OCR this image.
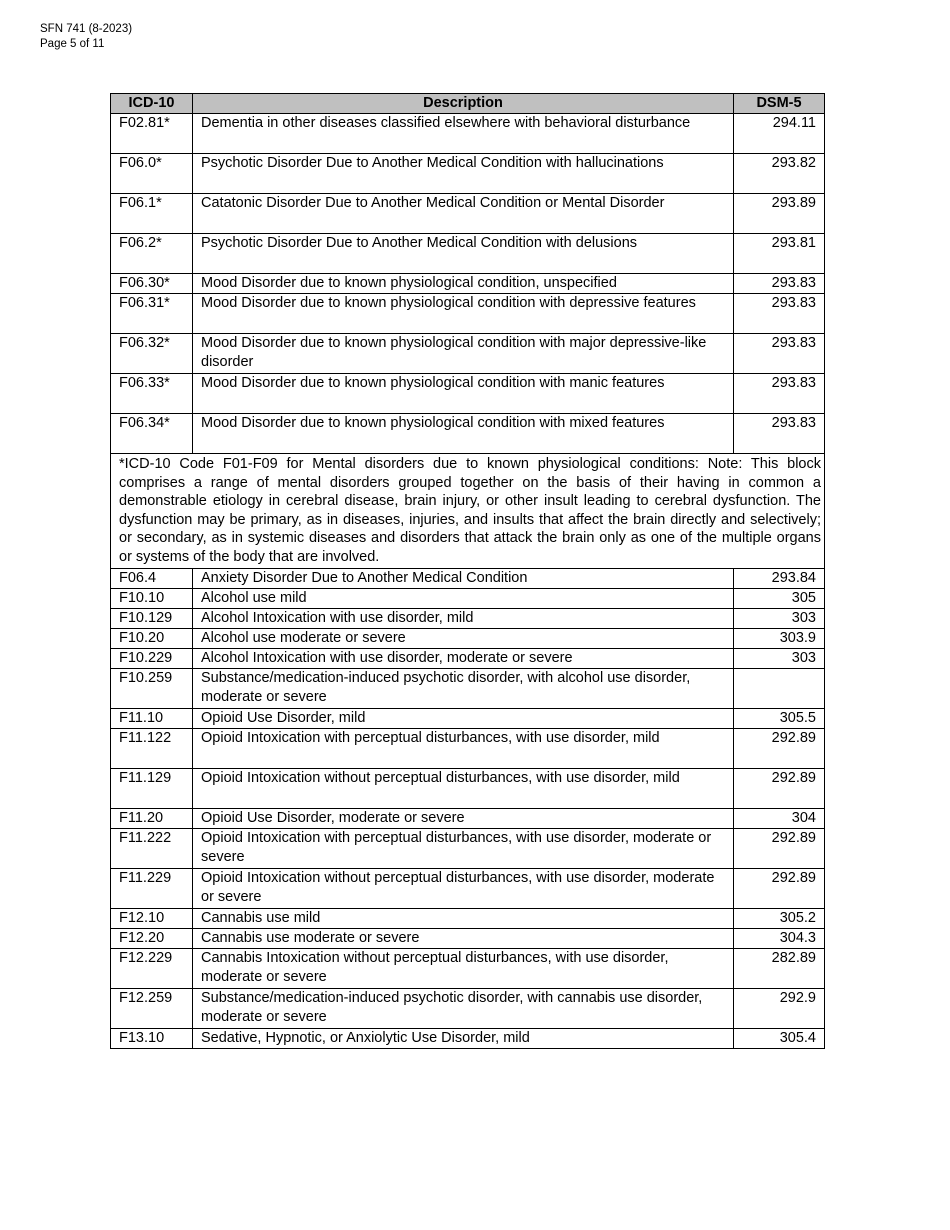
SFN 741 (8-2023)
Page 5 of 11
ICD-10	Description	DSM-5
F02.81*	Dementia in other diseases classified elsewhere with behavioral disturbance	294.11
F06.0*	Psychotic Disorder Due to Another Medical Condition with hallucinations	293.82
F06.1*	Catatonic Disorder Due to Another Medical Condition or Mental Disorder	293.89
F06.2*	Psychotic Disorder Due to Another Medical Condition with delusions	293.81
F06.30*	Mood Disorder due to known physiological condition, unspecified	293.83
F06.31*	Mood Disorder due to known physiological condition with depressive features	293.83
F06.32*	Mood Disorder due to known physiological condition with major depressive-like disorder	293.83
F06.33*	Mood Disorder due to known physiological condition with manic features	293.83
F06.34*	Mood Disorder due to known physiological condition with mixed features	293.83
*ICD-10 Code F01-F09 for Mental disorders due to known physiological conditions: Note: This block comprises a range of mental disorders grouped together on the basis of their having in common a demonstrable etiology in cerebral disease, brain injury, or other insult leading to cerebral dysfunction. The dysfunction may be primary, as in diseases, injuries, and insults that affect the brain directly and selectively; or secondary, as in systemic diseases and disorders that attack the brain only as one of the multiple organs or systems of the body that are involved.		
F06.4	Anxiety Disorder Due to Another Medical Condition	293.84
F10.10	Alcohol use mild	305
F10.129	Alcohol Intoxication with use disorder, mild	303
F10.20	Alcohol use moderate or severe	303.9
F10.229	Alcohol Intoxication with use disorder, moderate or severe	303
F10.259	Substance/medication-induced psychotic disorder, with alcohol use disorder, moderate or severe	
F11.10	Opioid Use Disorder, mild	305.5
F11.122	Opioid Intoxication with perceptual disturbances, with use disorder, mild	292.89
F11.129	Opioid Intoxication without perceptual disturbances, with use disorder, mild	292.89
F11.20	Opioid Use Disorder, moderate or severe	304
F11.222	Opioid Intoxication with perceptual disturbances, with use disorder, moderate or severe	292.89
F11.229	Opioid Intoxication without perceptual disturbances, with use disorder, moderate or severe	292.89
F12.10	Cannabis use mild	305.2
F12.20	Cannabis use moderate or severe	304.3
F12.229	Cannabis Intoxication without perceptual disturbances, with use disorder, moderate or severe	282.89
F12.259	Substance/medication-induced psychotic disorder, with cannabis use disorder, moderate or severe	292.9
F13.10	Sedative, Hypnotic, or Anxiolytic Use Disorder, mild	305.4
